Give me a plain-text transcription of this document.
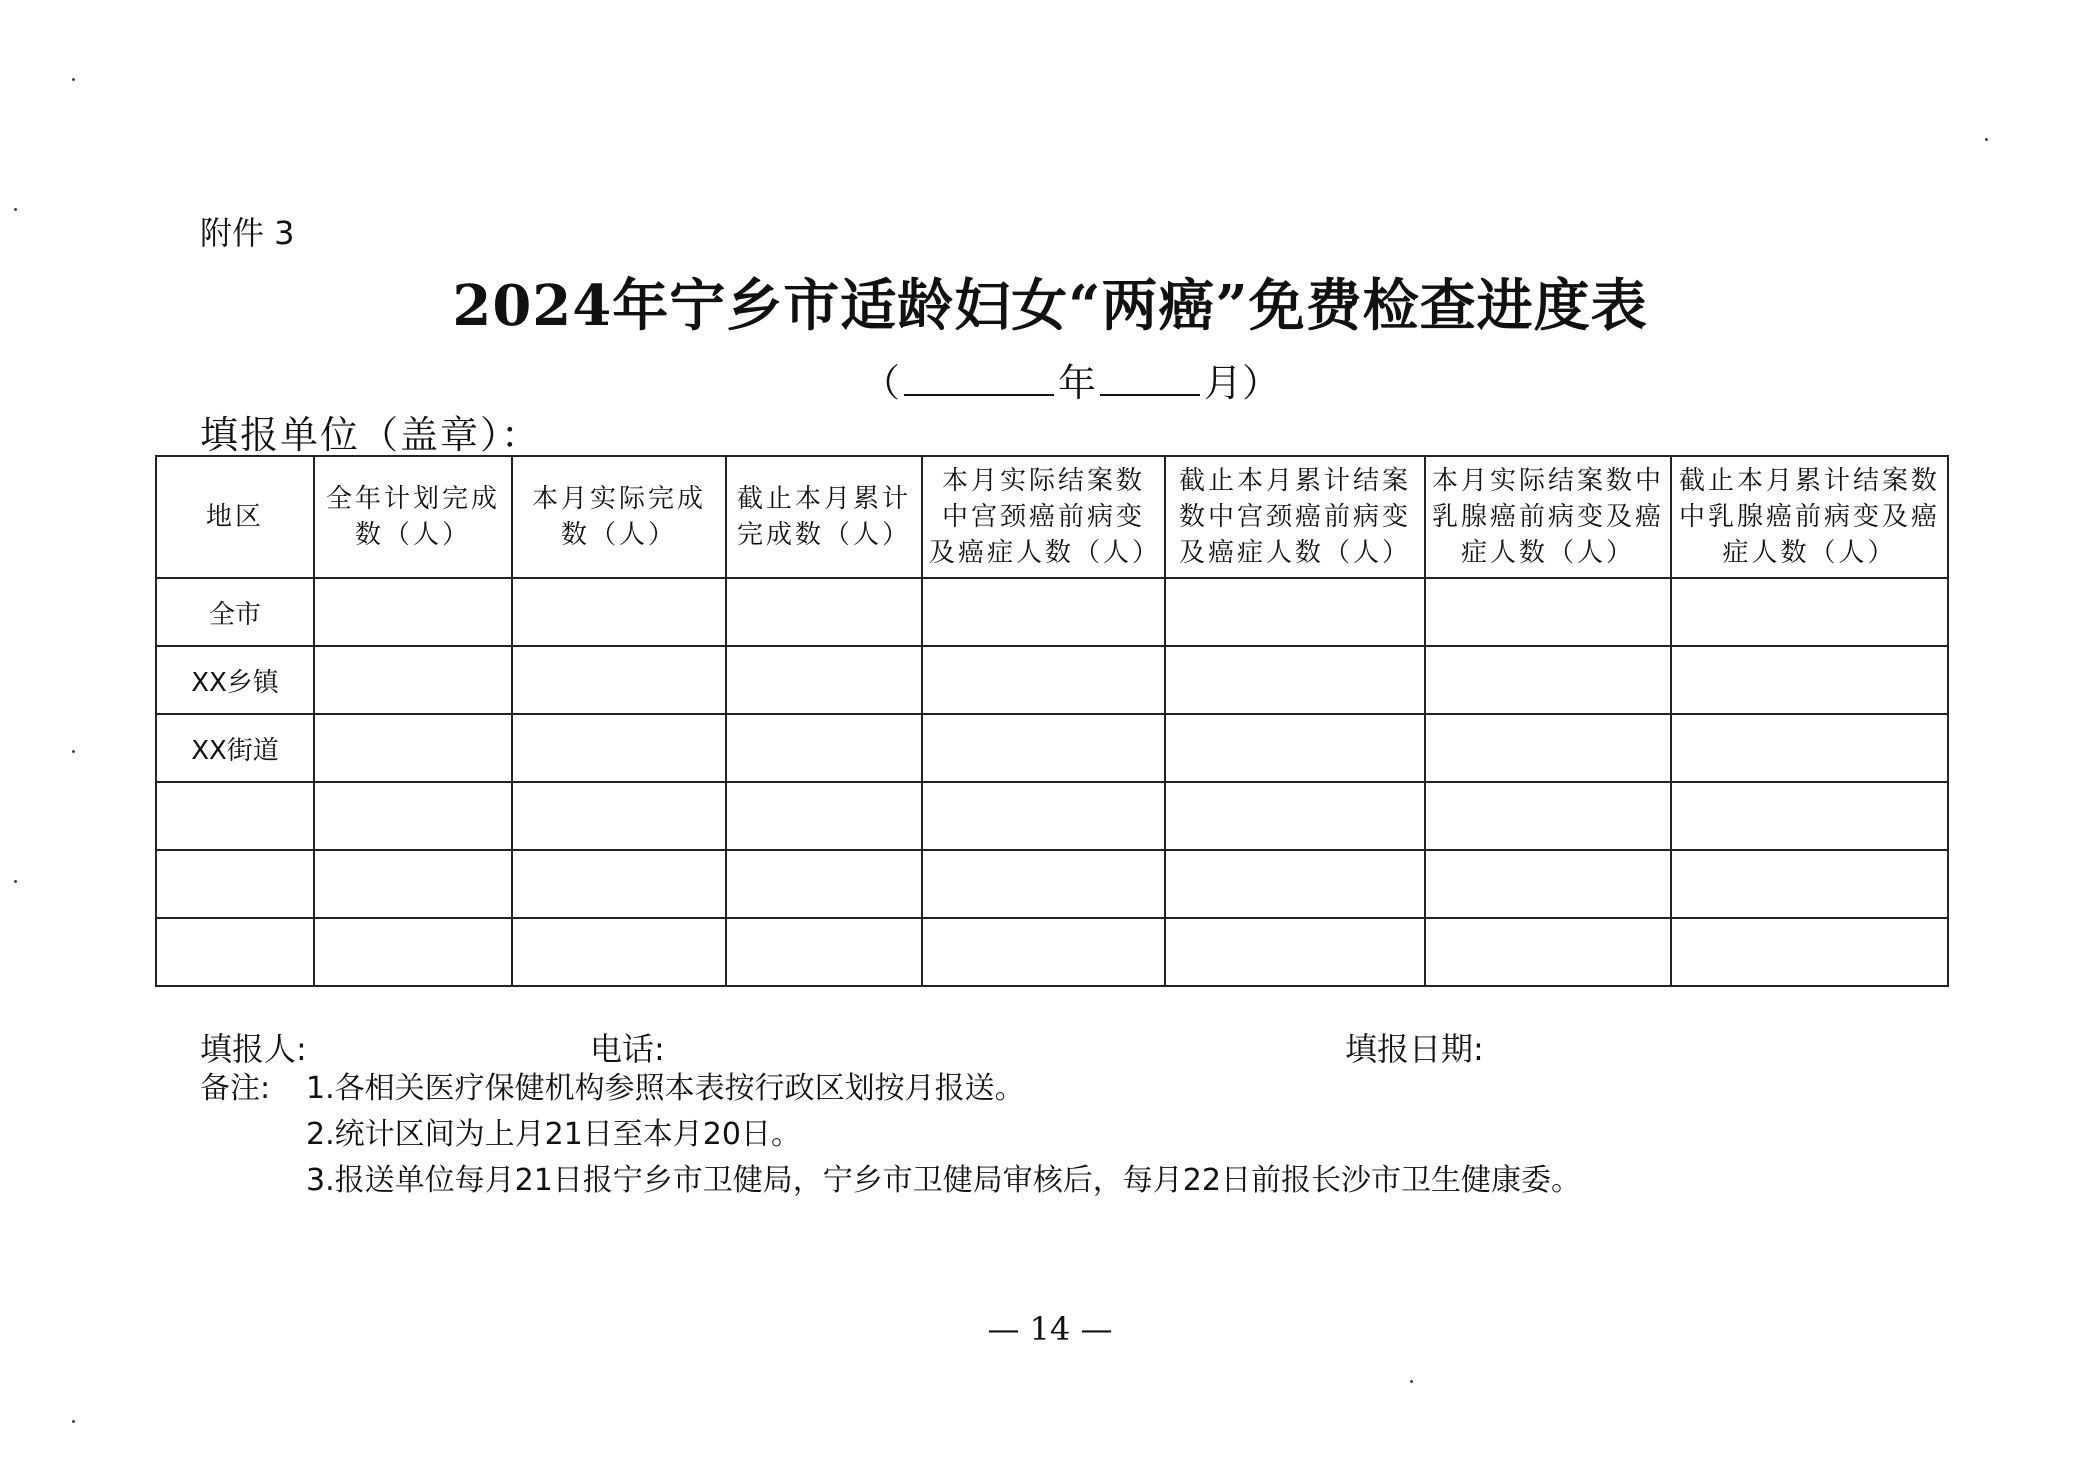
附件 3
2024年宁乡市适龄妇女“两癌”免费检查进度表
（	年	月 ）
填报单位（盖章）：
地区	全年计划完成数（人）	本月实际完成数（人）	截止本月累计完成数（人）	本月实际结案数中宫颈癌前病变及癌症人数（人）	截止本月累计结案数中宫颈癌前病变及癌症人数（人）	本月实际结案数中乳腺癌前病变及癌症人数（人）	截止本月累计结案数中乳腺癌前病变及癌症人数（人）
全市							
XX乡镇							
XX街道							

填报人:	电话:	填报日期:
备注:	1.各相关医疗保健机构参照本表按行政区划按月报送。
2.统计区间为上月21日至本月20日。
3.报送单位每月21日报宁乡市卫健局，宁乡市卫健局审核后，每月22日前报长沙市卫生健康委。
— 14 —
